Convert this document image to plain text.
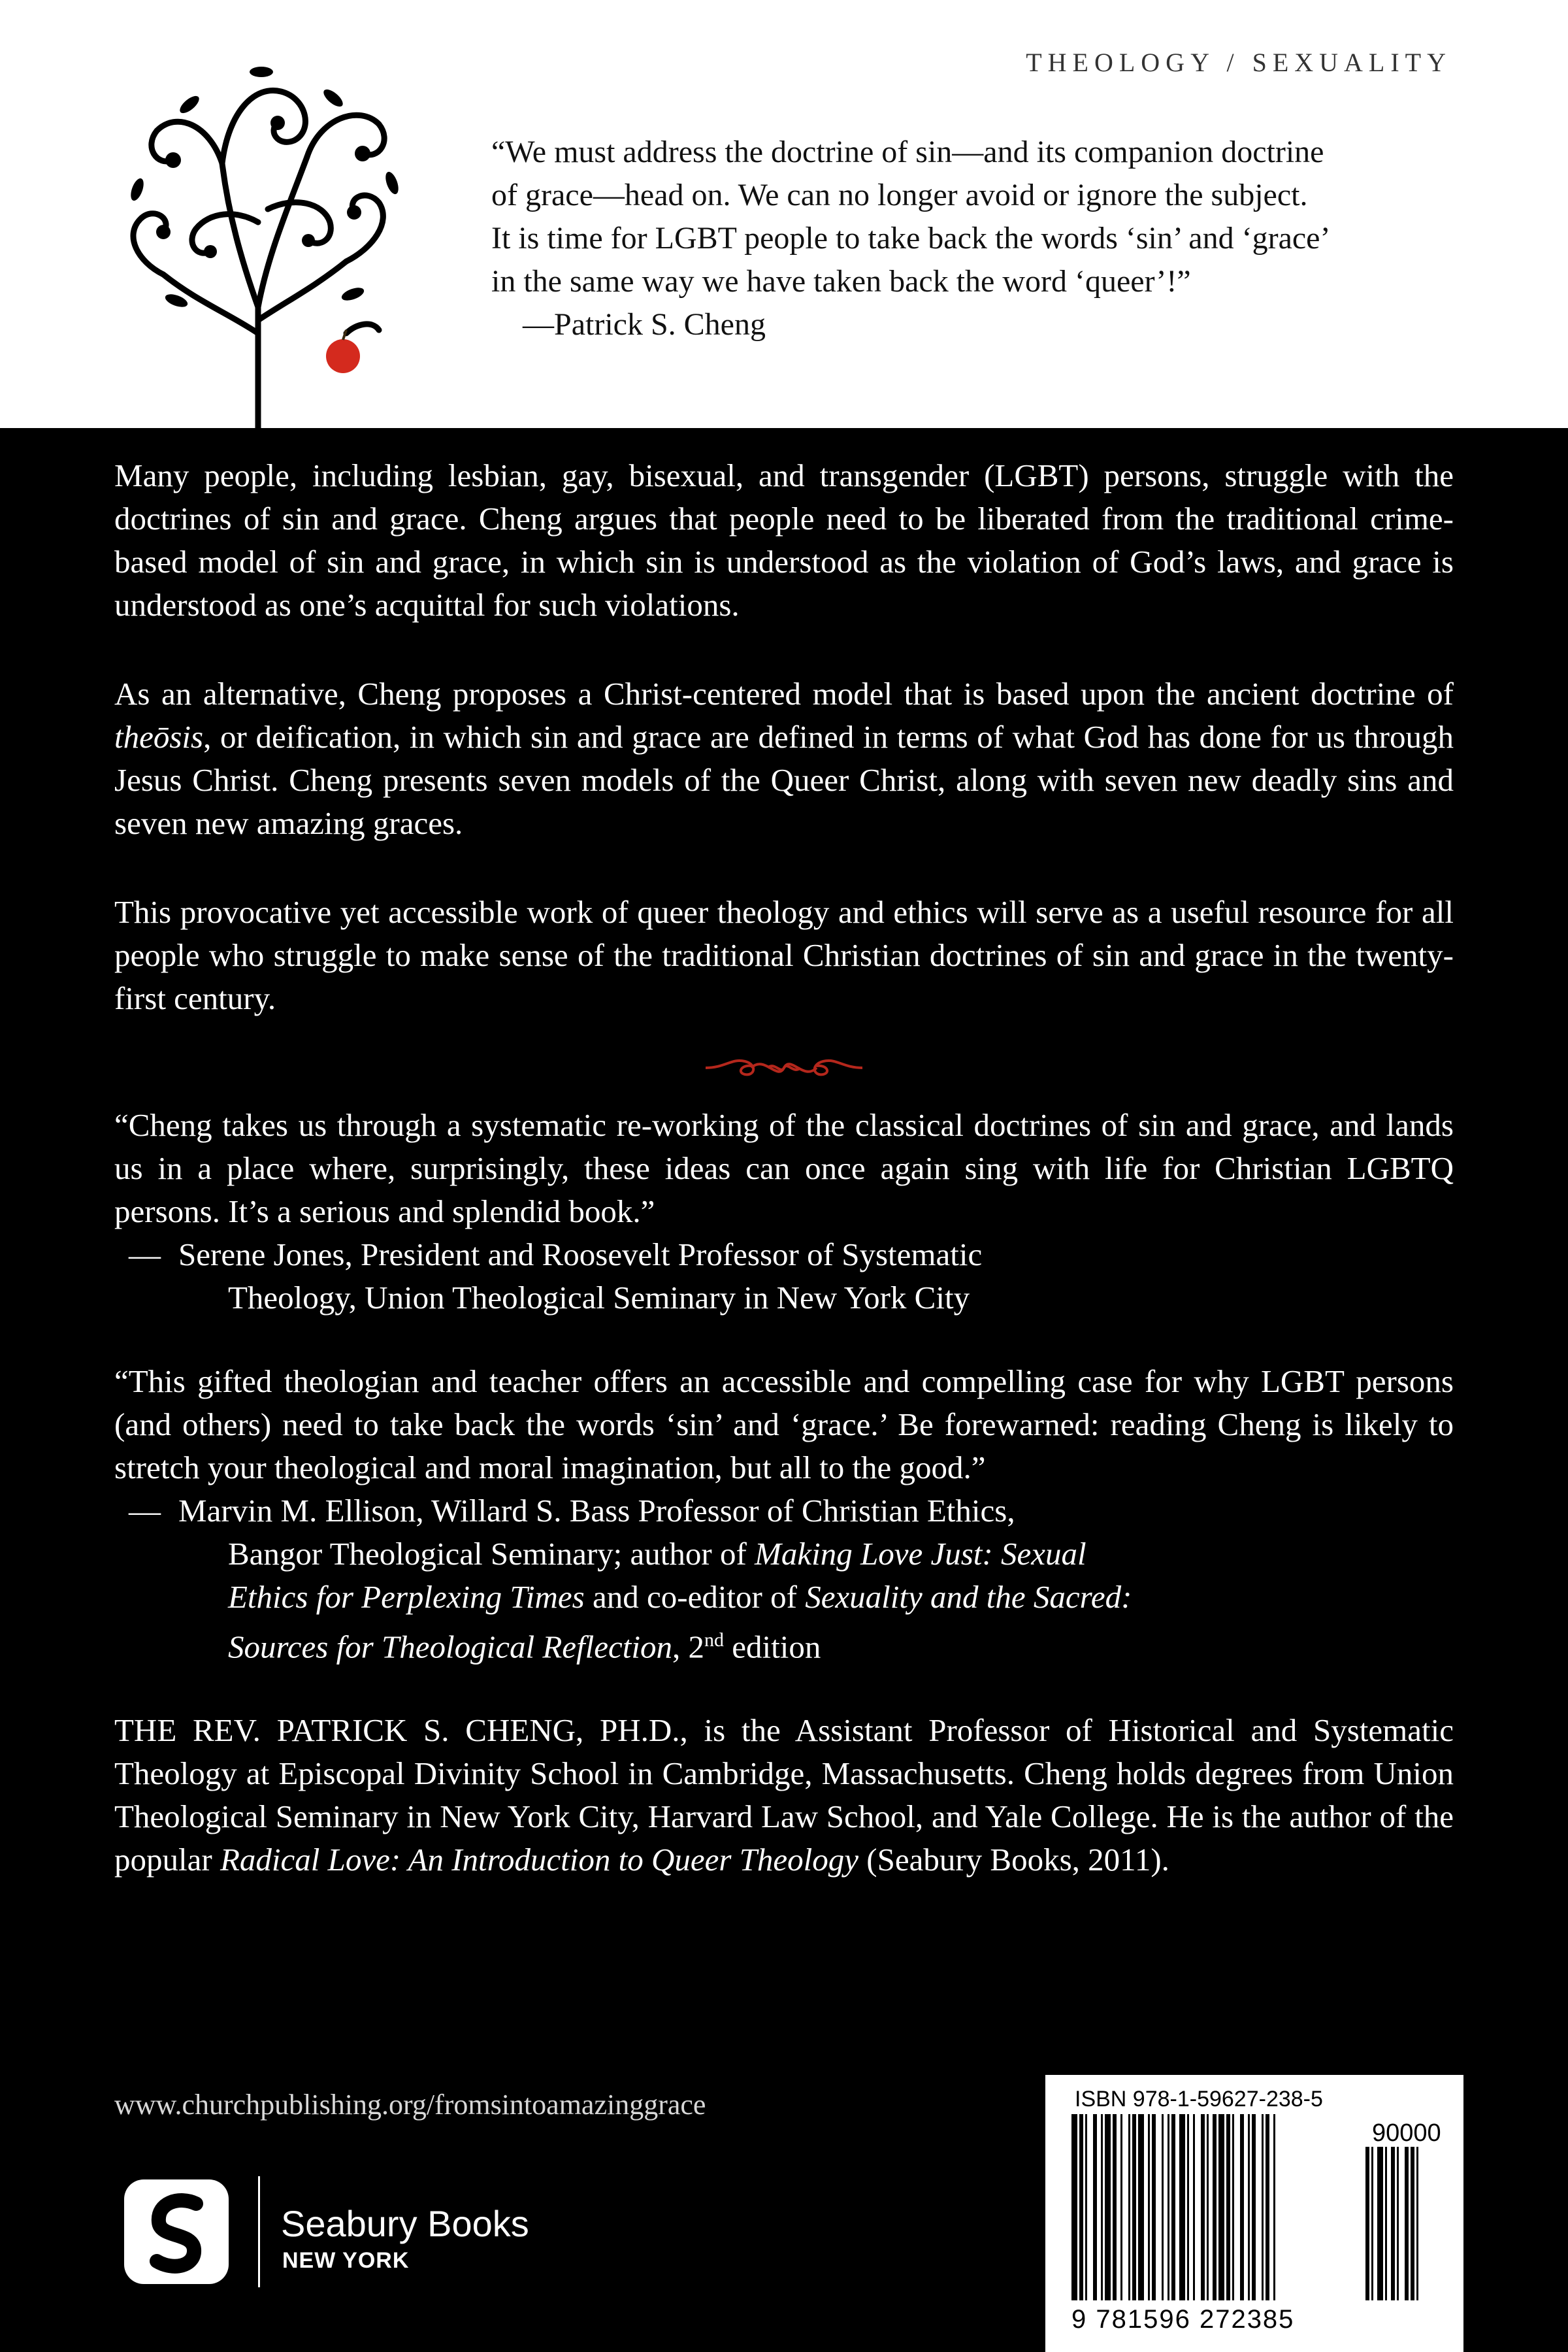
THEOLOGY / SEXUALITY

“We must address the doctrine of sin—and its companion doctrine

of grace—head on. We can no longer avoid or ignore the subject.

It is time for LGBT people to take back the words ‘sin’ and ‘grace’

in the same way we have taken back the word ‘queer’!”

—Patrick S. Cheng

Many people, including lesbian, gay, bisexual, and transgender (LGBT) persons, struggle with the doctrines of sin and grace. Cheng argues that people need to be liberated from the traditional crime-based model of sin and grace, in which sin is understood as the violation of God’s laws, and grace is understood as one’s acquittal for such violations.

As an alternative, Cheng proposes a Christ-centered model that is based upon the ancient doctrine of theōsis, or deification, in which sin and grace are defined in terms of what God has done for us through Jesus Christ. Cheng presents seven models of the Queer Christ, along with seven new deadly sins and seven new amazing graces.

This provocative yet accessible work of queer theology and ethics will serve as a useful resource for all people who struggle to make sense of the traditional Christian doctrines of sin and grace in the twenty-first century.

“Cheng takes us through a systematic re-working of the classical doctrines of sin and grace, and lands us in a place where, surprisingly, these ideas can once again sing with life for Christian LGBTQ persons. It’s a serious and splendid book.”

— Serene Jones, President and Roosevelt Professor of Systematic
Theology, Union Theological Seminary in New York City

“This gifted theologian and teacher offers an accessible and compelling case for why LGBT persons (and others) need to take back the words ‘sin’ and ‘grace.’ Be forewarned: reading Cheng is likely to stretch your theological and moral imagination, but all to the good.”

— Marvin M. Ellison, Willard S. Bass Professor of Christian Ethics,
Bangor Theological Seminary; author of Making Love Just: Sexual
Ethics for Perplexing Times and co-editor of Sexuality and the Sacred:
Sources for Theological Reflection, 2nd edition

THE REV. PATRICK S. CHENG, PH.D., is the Assistant Professor of Historical and Systematic Theology at Episcopal Divinity School in Cambridge, Massachusetts. Cheng holds degrees from Union Theological Seminary in New York City, Harvard Law School, and Yale College. He is the author of the popular Radical Love: An Introduction to Queer Theology (Seabury Books, 2011).

www.churchpublishing.org/fromsintoamazinggrace
Seabury Books
NEW YORK
ISBN 978-1-59627-238-5
90000
9 781596 272385
